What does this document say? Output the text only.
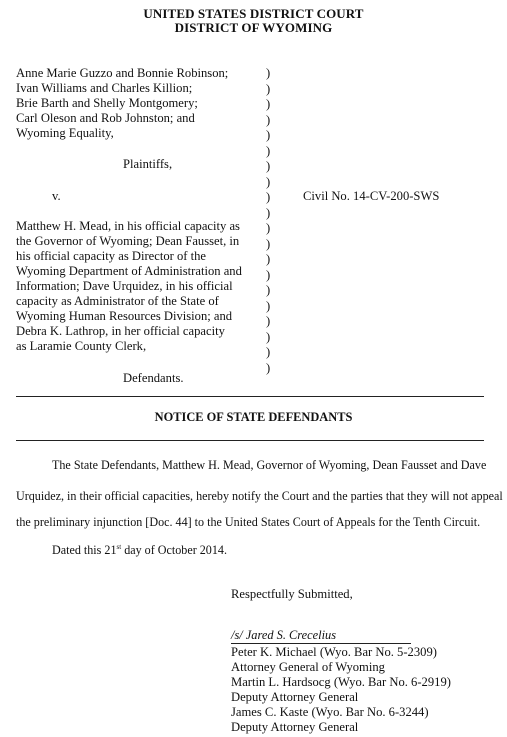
UNITED STATES DISTRICT COURT
DISTRICT OF WYOMING
Anne Marie Guzzo and Bonnie Robinson;
Ivan Williams and Charles Killion;
Brie Barth and Shelly Montgomery;
Carl Oleson and Rob Johnston; and
Wyoming Equality,
Plaintiffs,
v.	Civil No. 14-CV-200-SWS
Matthew H. Mead, in his official capacity as
the Governor of Wyoming; Dean Fausset, in
his official capacity as Director of the
Wyoming Department of Administration and
Information; Dave Urquidez, in his official
capacity as Administrator of the State of
Wyoming Human Resources Division; and
Debra K. Lathrop, in her official capacity
as Laramie County Clerk,
Defendants.
)
)
)
)
)
)
)
)
)
)
)
)
)
)
)
)
)
)
)
)
NOTICE OF STATE DEFENDANTS
The State Defendants, Matthew H. Mead, Governor of Wyoming, Dean Fausset and Dave
Urquidez, in their official capacities, hereby notify the Court and the parties that they will not appeal
the preliminary injunction [Doc. 44] to the United States Court of Appeals for the Tenth Circuit.
Dated this 21st day of October 2014.
Respectfully Submitted,
/s/ Jared S. Crecelius
Peter K. Michael (Wyo. Bar No. 5-2309)
Attorney General of Wyoming
Martin L. Hardsocg (Wyo. Bar No. 6-2919)
Deputy Attorney General
James C. Kaste (Wyo. Bar No. 6-3244)
Deputy Attorney General
